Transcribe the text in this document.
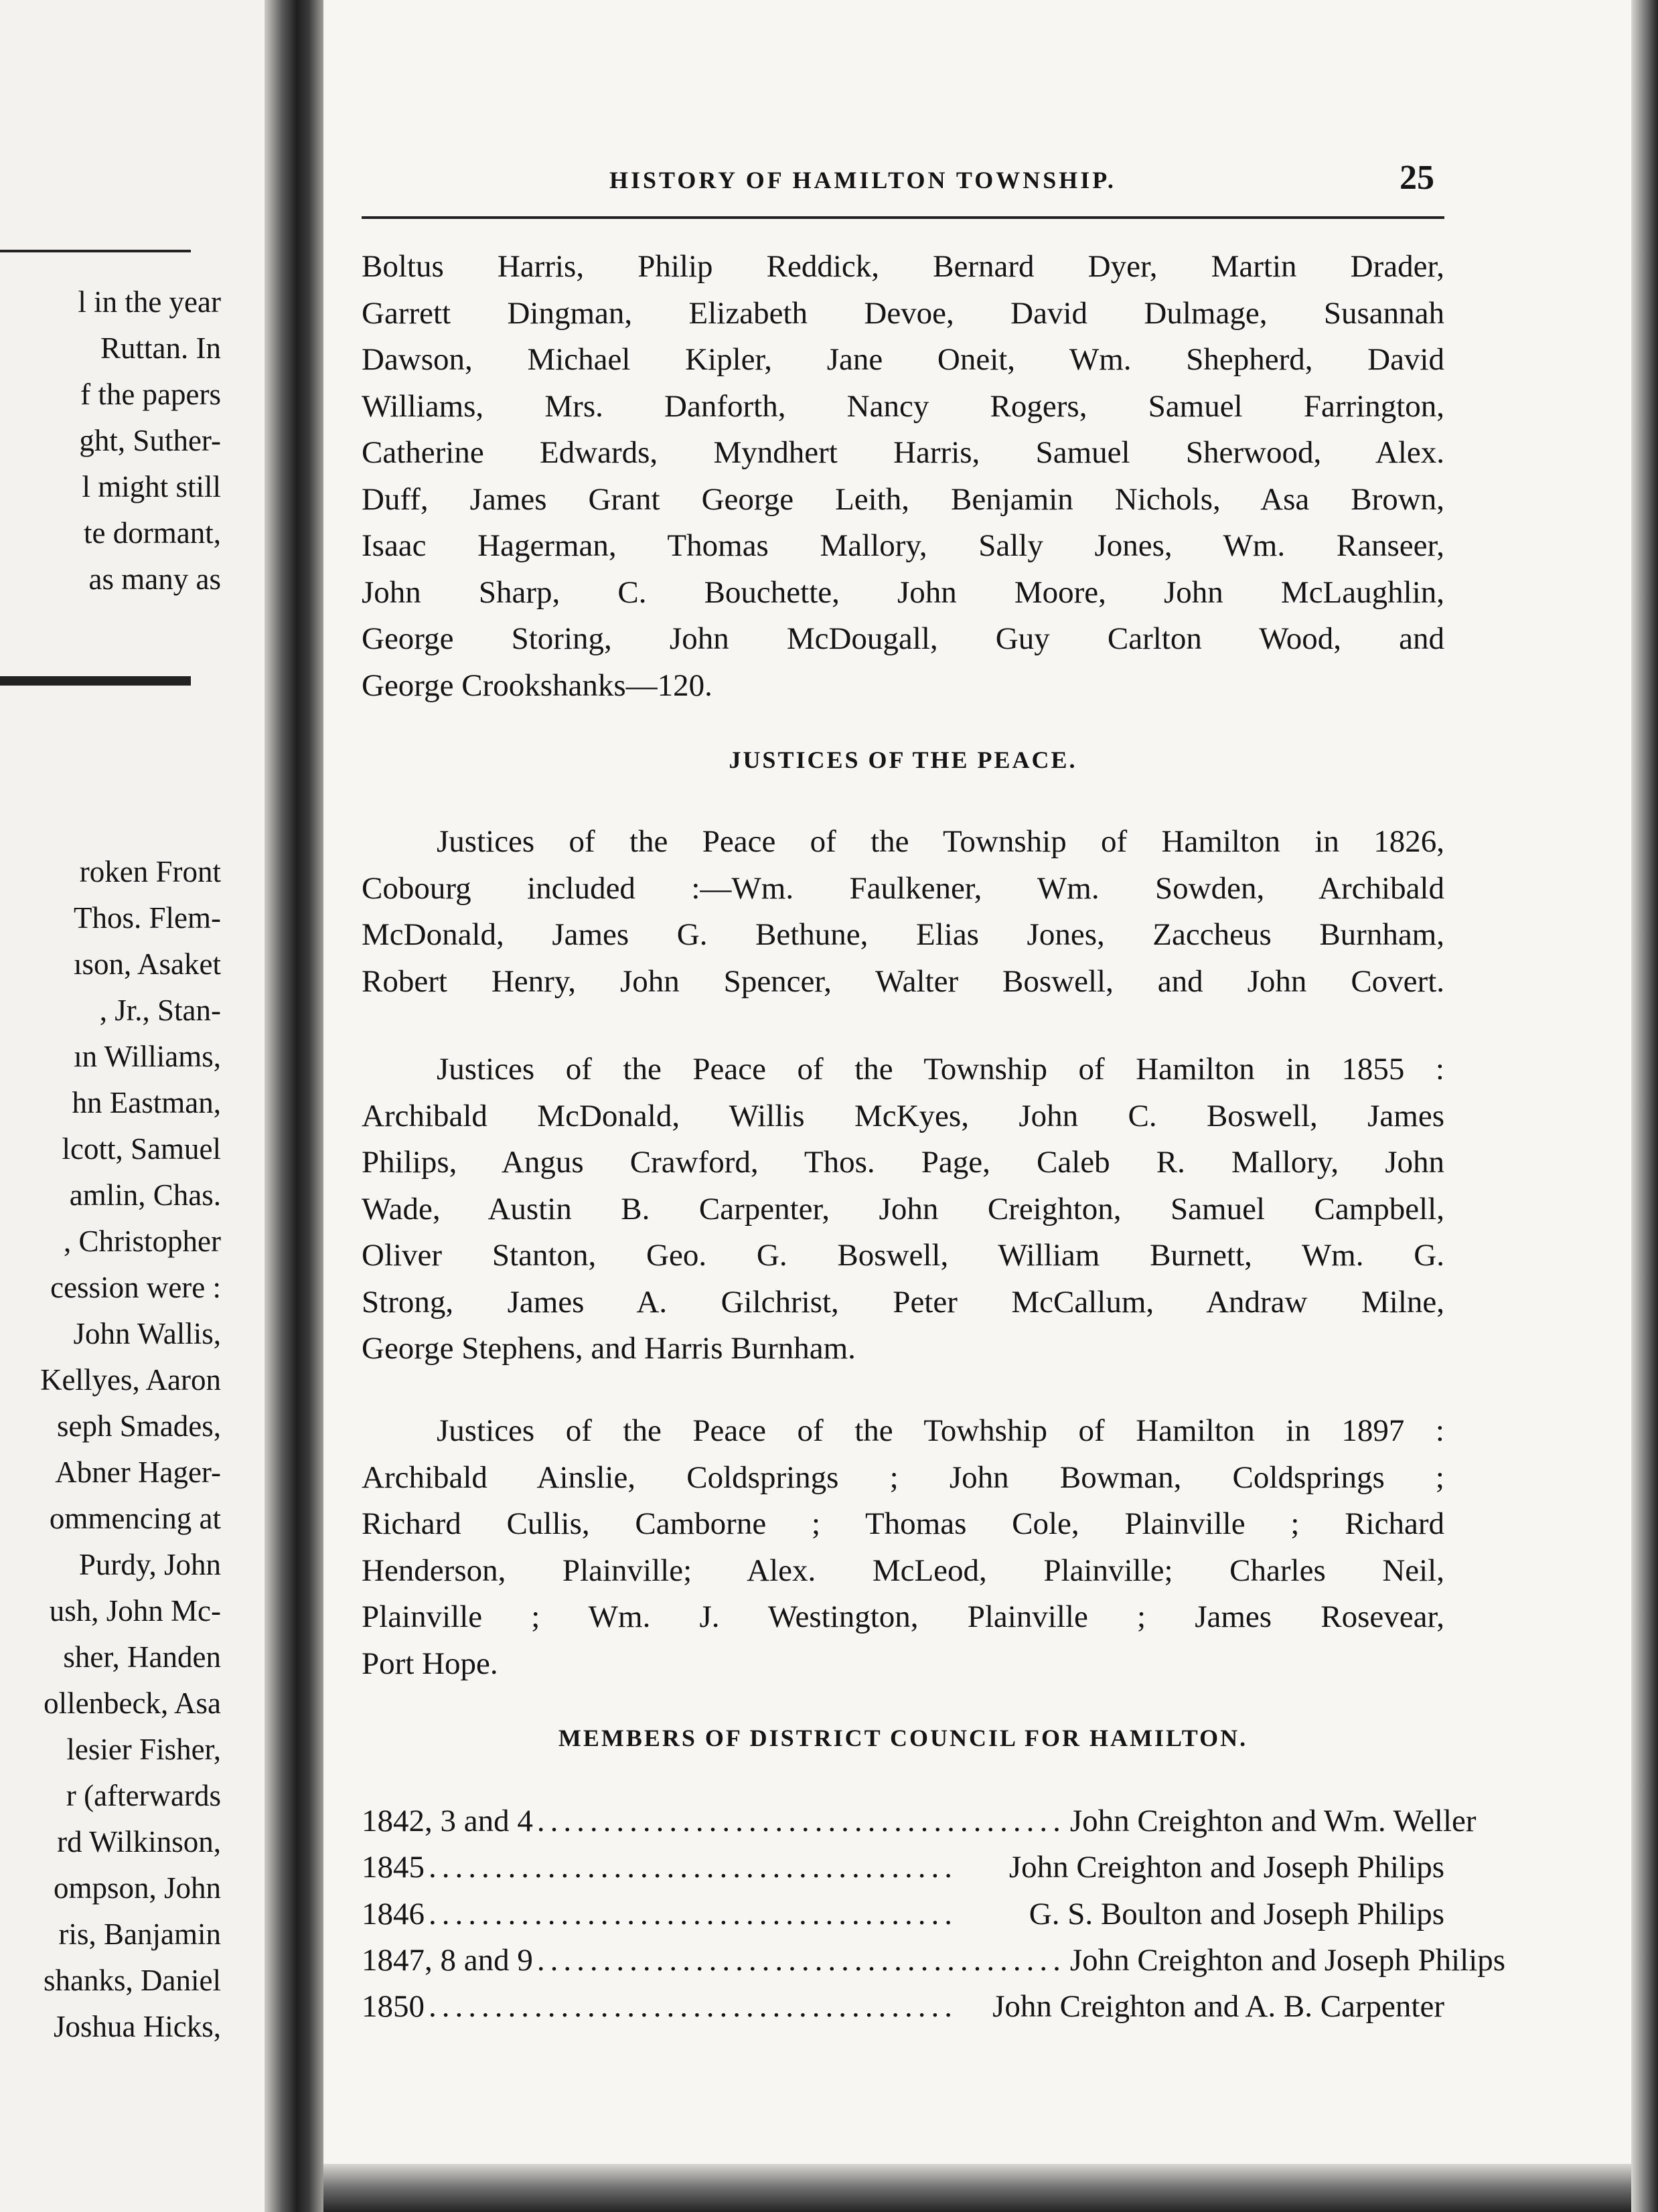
l in the year
Ruttan. In
f the papers
ght, Suther-
l might still
te dormant,
as many as
roken Front
Thos. Flem-
ıson, Asaket
, Jr., Stan-
ın Williams,
hn Eastman,
lcott, Samuel
amlin, Chas.
, Christopher
cession were :
John Wallis,
Kellyes, Aaron
seph Smades,
Abner Hager-
ommencing at
Purdy, John
ush, John Mc-
sher, Handen
ollenbeck, Asa
lesier Fisher,
r (afterwards
rd Wilkinson,
ompson, John
ris, Banjamin
shanks, Daniel
Joshua Hicks,
HISTORY OF HAMILTON TOWNSHIP.	25
Boltus Harris, Philip Reddick, Bernard Dyer, Martin Drader,
Garrett Dingman, Elizabeth Devoe, David Dulmage, Susannah
Dawson, Michael Kipler, Jane Oneit, Wm. Shepherd, David
Williams, Mrs. Danforth, Nancy Rogers, Samuel Farrington,
Catherine Edwards, Myndhert Harris, Samuel Sherwood, Alex.
Duff, James Grant George Leith, Benjamin Nichols, Asa Brown,
Isaac Hagerman, Thomas Mallory, Sally Jones, Wm. Ranseer,
John Sharp, C. Bouchette, John Moore, John McLaughlin,
George Storing, John McDougall, Guy Carlton Wood, and
George Crookshanks—120.
JUSTICES OF THE PEACE.
Justices of the Peace of the Township of Hamilton in 1826,
Cobourg included :—Wm. Faulkener, Wm. Sowden, Archibald
McDonald, James G. Bethune, Elias Jones, Zaccheus Burnham,
Robert Henry, John Spencer, Walter Boswell, and John Covert.
Justices of the Peace of the Township of Hamilton in 1855 :
Archibald McDonald, Willis McKyes, John C. Boswell, James
Philips, Angus Crawford, Thos. Page, Caleb R. Mallory, John
Wade, Austin B. Carpenter, John Creighton, Samuel Campbell,
Oliver Stanton, Geo. G. Boswell, William Burnett, Wm. G.
Strong, James A. Gilchrist, Peter McCallum, Andraw Milne,
George Stephens, and Harris Burnham.
Justices of the Peace of the Towhship of Hamilton in 1897 :
Archibald Ainslie, Coldsprings ; John Bowman, Coldsprings ;
Richard Cullis, Camborne ; Thomas Cole, Plainville ; Richard
Henderson, Plainville; Alex. McLeod, Plainville; Charles Neil,
Plainville ; Wm. J. Westington, Plainville ; James Rosevear,
Port Hope.
MEMBERS OF DISTRICT COUNCIL FOR HAMILTON.
1842, 3 and 4 ........................................ John Creighton and Wm. Weller
1845 ........................................	John Creighton and Joseph Philips
1846 ........................................	G. S. Boulton and Joseph Philips
1847, 8 and 9 ........................................ John Creighton and Joseph Philips
1850 ........................................	John Creighton and A. B. Carpenter
